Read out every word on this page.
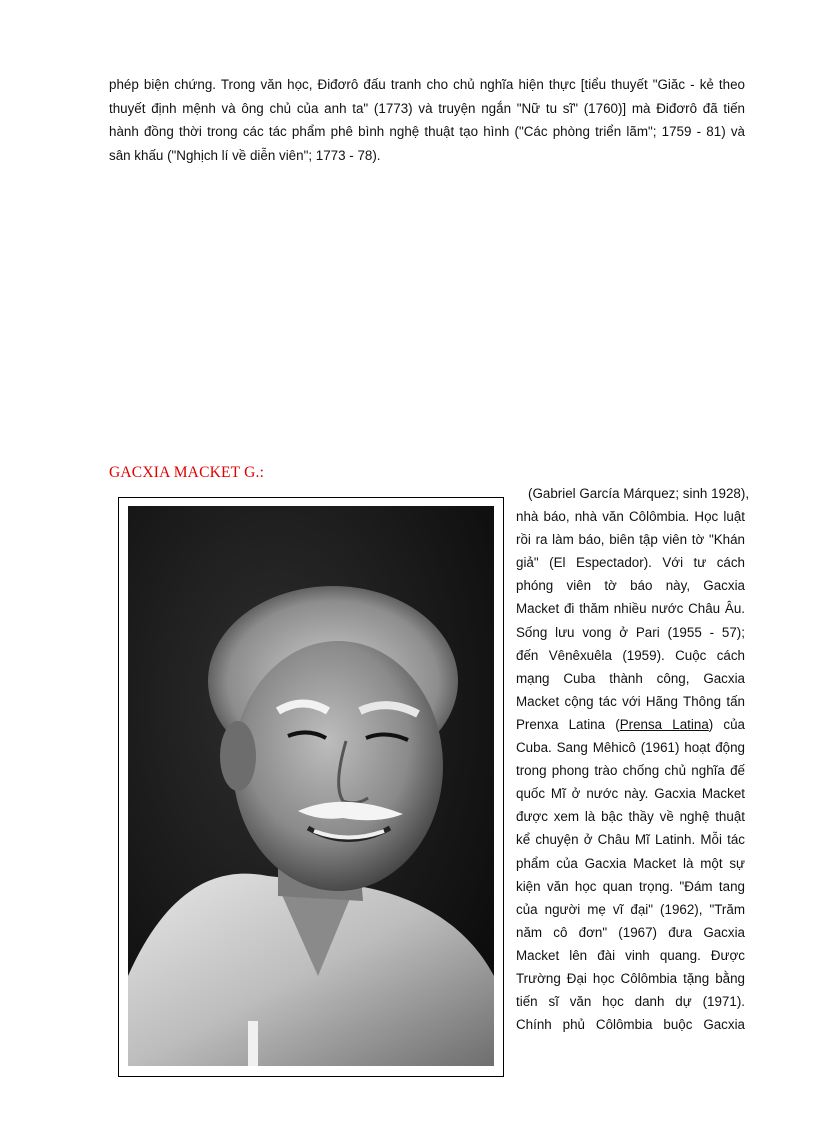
phép biện chứng. Trong văn học, Điđơrô đấu tranh cho chủ nghĩa hiện thực [tiểu thuyết "Giăc - kẻ theo
thuyết định mệnh và ông chủ của anh ta" (1773) và truyện ngắn "Nữ tu sĩ" (1760)] mà Điđơrô đã tiến
hành đồng thời trong các tác phẩm phê bình nghệ thuật tạo hình ("Các phòng triển lãm"; 1759 - 81) và
sân khấu ("Nghịch lí về diễn viên"; 1773 - 78).
GACXIA MACKET G.:
(Gabriel García Márquez; sinh 1928),
nhà báo, nhà văn Côlômbia. Học luật
rồi ra làm báo, biên tập viên tờ "Khán
giả" (El Espectador). Với tư cách
phóng viên tờ báo này, Gacxia
Macket đi thăm nhiều nước Châu Âu.
Sống lưu vong ở Pari (1955 - 57);
đến Vênêxuêla (1959). Cuộc cách
mạng Cuba thành công, Gacxia
Macket cộng tác với Hãng Thông tấn
Prenxa Latina (Prensa Latina) của
Cuba. Sang Mêhicô (1961) hoạt động
trong phong trào chống chủ nghĩa đế
quốc Mĩ ở nước này. Gacxia Macket
được xem là bậc thầy về nghệ thuật
kể chuyện ở Châu Mĩ Latinh. Mỗi tác
phẩm của Gacxia Macket là một sự
kiện văn học quan trọng. "Đám tang
của người mẹ vĩ đại" (1962), "Trăm
năm cô đơn" (1967) đưa Gacxia
Macket lên đài vinh quang. Được
Trường Đại học Côlômbia tặng bằng
tiến sĩ văn học danh dự (1971).
Chính phủ Côlômbia buộc Gacxia
